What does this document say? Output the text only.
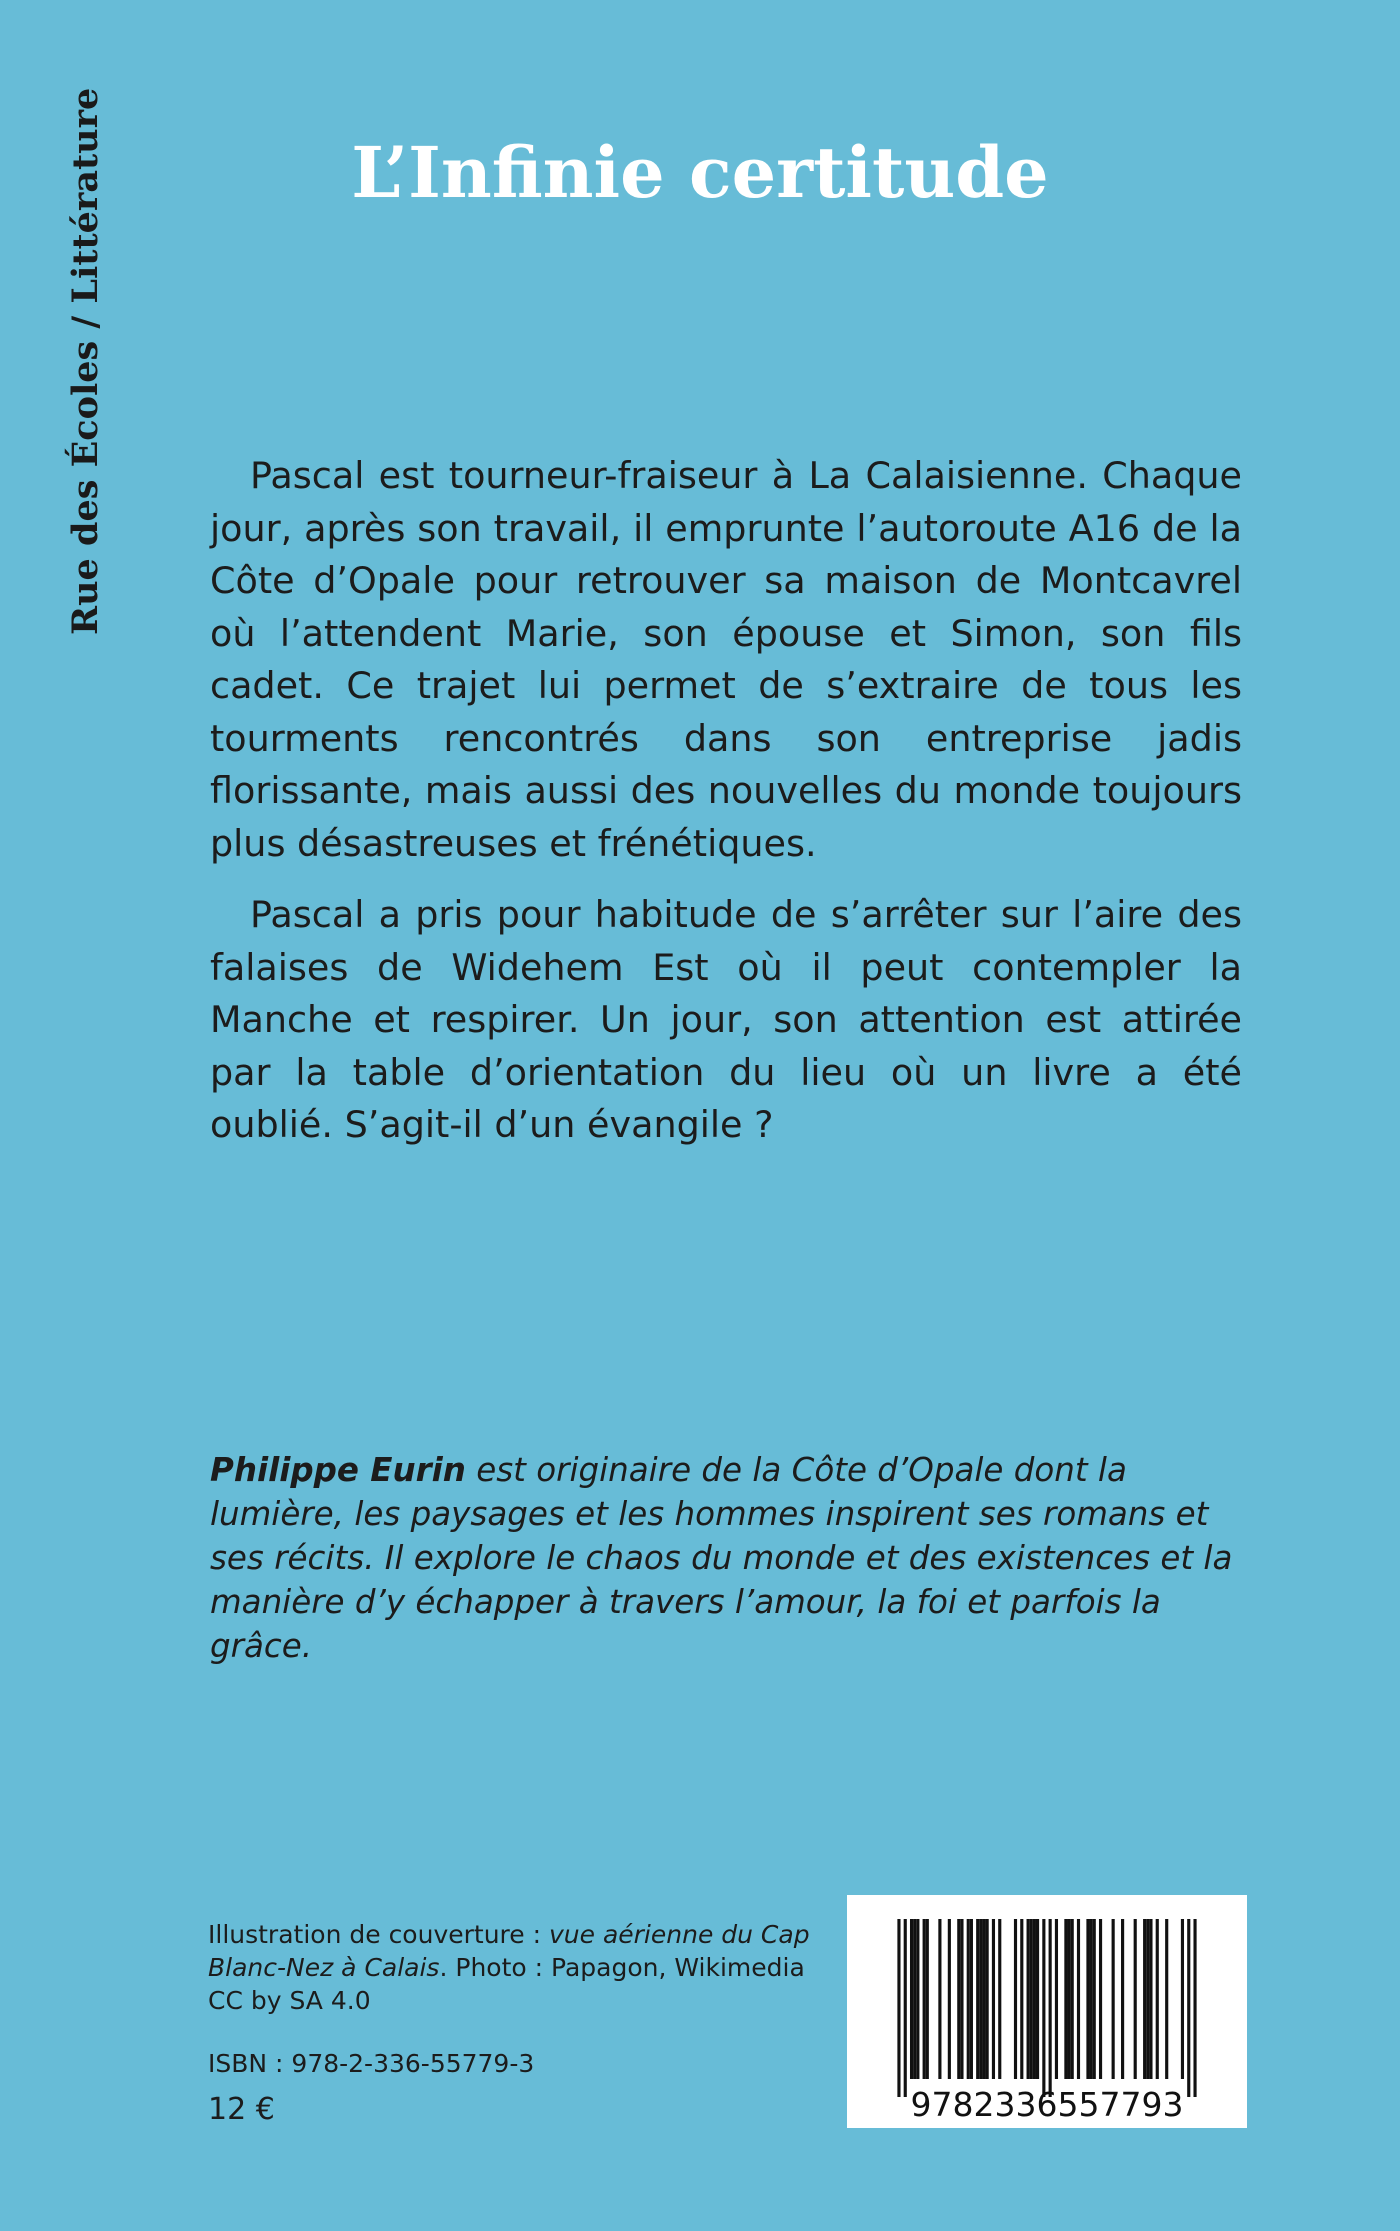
Rue des Écoles / Littérature	L’Infinie certitude

Pascal est tourneur-fraiseur à La Calaisienne. Chaque jour, après son travail, il emprunte l’autoroute A16 de la Côte d’Opale pour retrouver sa maison de Montcavrel où l’attendent Marie, son épouse et Simon, son fils cadet. Ce trajet lui permet de s’extraire de tous les tourments rencontrés dans son entreprise jadis florissante, mais aussi des nouvelles du monde toujours plus désastreuses et frénétiques.

Pascal a pris pour habitude de s’arrêter sur l’aire des falaises de Widehem Est où il peut contempler la Manche et respirer. Un jour, son attention est attirée par la table d’orientation du lieu où un livre a été oublié. S’agit-il d’un évangile ?

Philippe Eurin est originaire de la Côte d’Opale dont la lumière, les paysages et les hommes inspirent ses romans et ses récits. Il explore le chaos du monde et des existences et la manière d’y échapper à travers l’amour, la foi et parfois la grâce.

Illustration de couverture : vue aérienne du Cap Blanc-Nez à Calais. Photo : Papagon, Wikimedia CC by SA 4.0
ISBN : 978-2-336-55779-3
12 €	9782336557793
